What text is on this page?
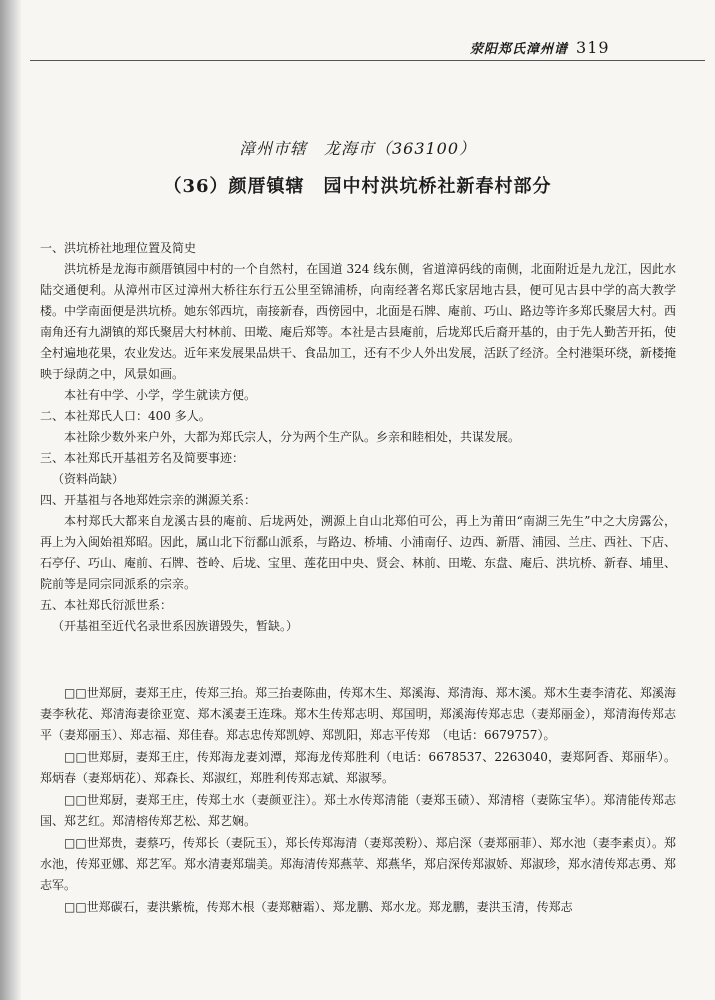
荥阳郑氏漳州谱 319
漳州市辖　龙海市（363100）
（36）颜厝镇辖　园中村洪坑桥社新春村部分

一、洪坑桥社地理位置及简史

洪坑桥是龙海市颜厝镇园中村的一个自然村，在国道 324 线东侧，省道漳码线的南侧，北面附近是九龙江，因此水陆交通便利。从漳州市区过漳州大桥往东行五公里至锦浦桥，向南经著名郑氏家居地古县，便可见古县中学的高大教学楼。中学南面便是洪坑桥。她东邻西坑，南接新春，西傍园中，北面是石牌、庵前、巧山、路边等许多郑氏聚居大村。西南角还有九湖镇的郑氏聚居大村林前、田墘、庵后郑等。本社是古县庵前，后垅郑氏后裔开基的，由于先人勤苦开拓，使全村遍地花果，农业发达。近年来发展果品烘干、食品加工，还有不少人外出发展，活跃了经济。全村港渠环绕，新楼掩映于绿荫之中，风景如画。

本社有中学、小学，学生就读方便。

二、本社郑氏人口：400 多人。

本社除少数外来户外，大都为郑氏宗人，分为两个生产队。乡亲和睦相处，共谋发展。

三、本社郑氏开基祖芳名及简要事迹：

（资料尚缺）

四、开基祖与各地郑姓宗亲的渊源关系：

本村郑氏大都来自龙溪古县的庵前、后垅两处，溯源上自山北郑伯可公，再上为莆田“南湖三先生”中之大房露公，再上为入闽始祖郑昭。因此，属山北下衍鄱山派系，与路边、桥埔、小浦南仔、边西、新厝、浦园、兰庄、西社、下店、石亭仔、巧山、庵前、石牌、苍岭、后垅、宝里、莲花田中央、贤会、林前、田墘、东盘、庵后、洪坑桥、新春、埔里、院前等是同宗同派系的宗亲。

五、本社郑氏衍派世系：

（开基祖至近代名录世系因族谱毁失，暂缺。）

□□世郑厨，妻郑王庄，传郑三抬。郑三抬妻陈曲，传郑木生、郑溪海、郑清海、郑木溪。郑木生妻李清花、郑溪海妻李秋花、郑清海妻徐亚宽、郑木溪妻王连珠。郑木生传郑志明、郑国明，郑溪海传郑志忠（妻郑丽金），郑清海传郑志平（妻郑丽玉）、郑志福、郑佳春。郑志忠传郑凯婷、郑凯阳，郑志平传郑　（电话：6679757）。

□□世郑厨，妻郑王庄，传郑海龙妻刘潭，郑海龙传郑胜利（电话：6678537、2263040，妻郑阿香、郑丽华）。郑炳春（妻郑炳花）、郑森长、郑淑红，郑胜利传郑志斌、郑淑琴。

□□世郑厨，妻郑王庄，传郑土水（妻颜亚注）。郑土水传郑清能（妻郑玉碛）、郑清榕（妻陈宝华）。郑清能传郑志国、郑艺红。郑清榕传郑艺松、郑艺娴。

□□世郑贵，妻蔡巧，传郑长（妻阮玉），郑长传郑海清（妻郑羡粉）、郑启深（妻郑丽菲）、郑水池（妻李素贞）。郑水池，传郑亚娜、郑艺军。郑水清妻郑瑞美。郑海清传郑燕苹、郑燕华，郑启深传郑淑娇、郑淑珍，郑水清传郑志勇、郑志军。

□□世郑碳石，妻洪紫梳，传郑木根（妻郑糖霜）、郑龙鹏、郑水龙。郑龙鹏，妻洪玉清，传郑志
